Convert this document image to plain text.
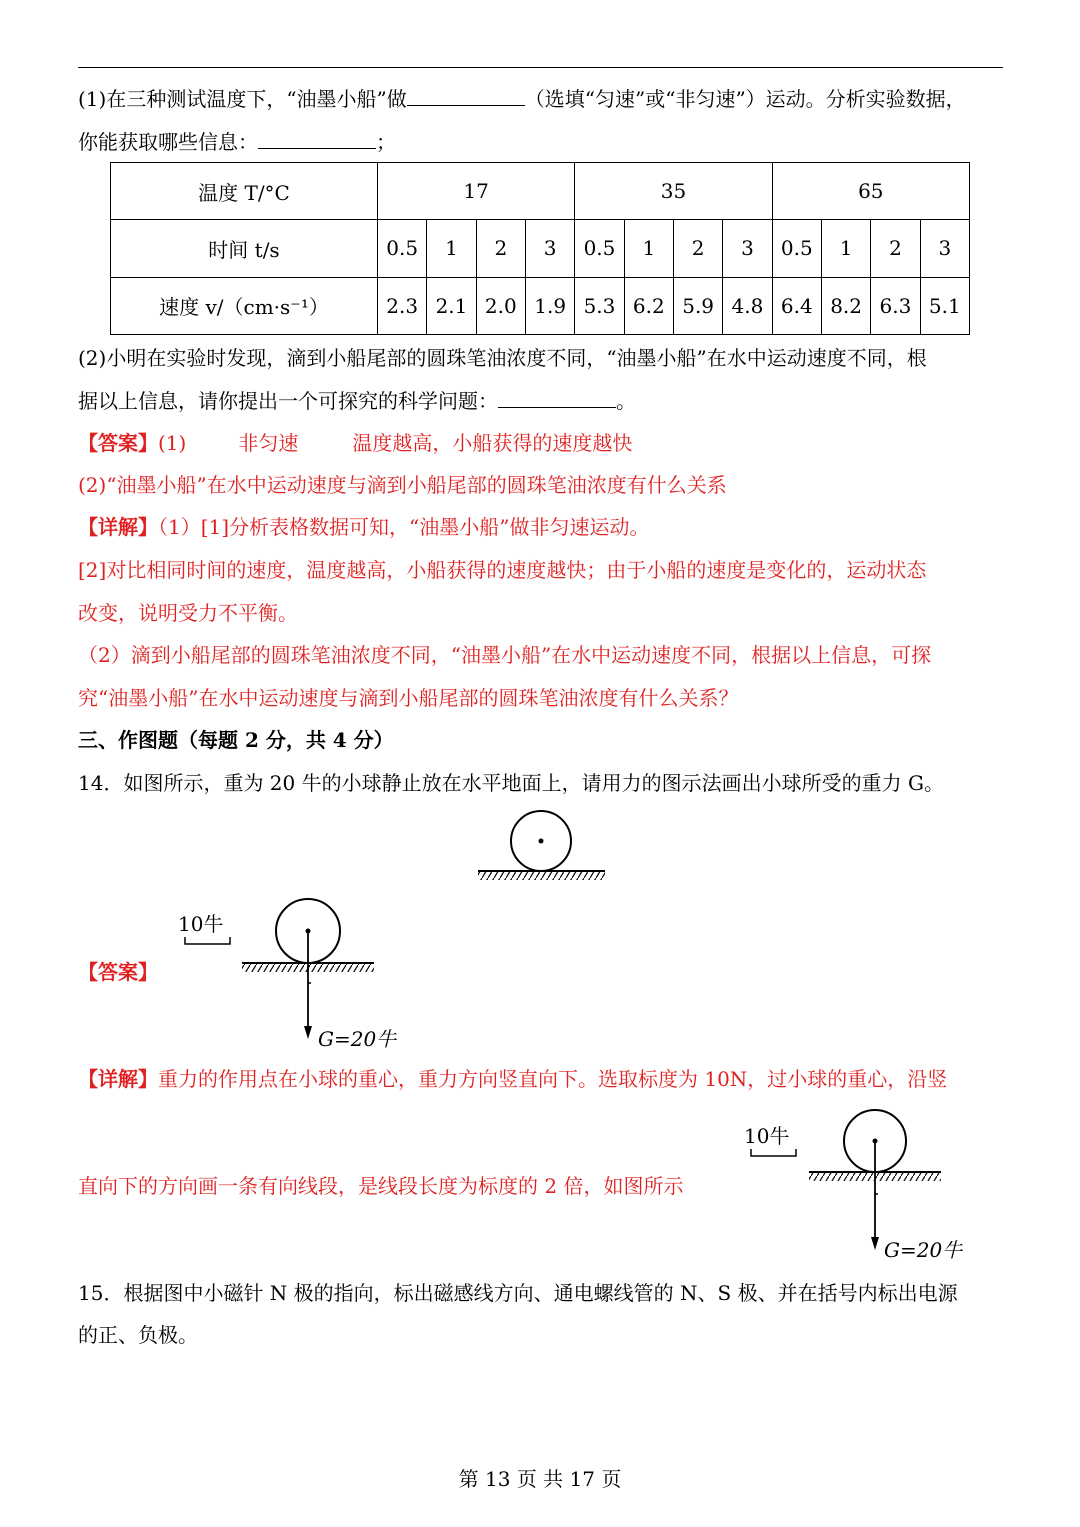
(1)在三种测试温度下，“油墨小船”做	（选填“匀速”或“非匀速”）运动。分析实验数据，
你能获取哪些信息：	；
温度 T/°C	17				35				65			
时间 t/s	0.5	1	2	3	0.5	1	2	3	0.5	1	2	3
速度 v/（cm·s⁻¹）	2.3	2.1	2.0	1.9	5.3	6.2	5.9	4.8	6.4	8.2	6.3	5.1
(2)小明在实验时发现，滴到小船尾部的圆珠笔油浓度不同，“油墨小船”在水中运动速度不同，根
据以上信息，请你提出一个可探究的科学问题：	。
【答案】(1)	非匀速	温度越高，小船获得的速度越快
(2)“油墨小船”在水中运动速度与滴到小船尾部的圆珠笔油浓度有什么关系
【详解】（1）[1]分析表格数据可知，“油墨小船”做非匀速运动。
[2]对比相同时间的速度，温度越高，小船获得的速度越快；由于小船的速度是变化的，运动状态
改变，说明受力不平衡。
（2）滴到小船尾部的圆珠笔油浓度不同，“油墨小船”在水中运动速度不同，根据以上信息，可探
究“油墨小船”在水中运动速度与滴到小船尾部的圆珠笔油浓度有什么关系？
三、作图题（每题 2 分，共 4 分）
14．如图所示，重为 20 牛的小球静止放在水平地面上，请用力的图示法画出小球所受的重力 G。
【答案】
10牛
G=20牛
【详解】重力的作用点在小球的重心，重力方向竖直向下。选取标度为 10N，过小球的重心，沿竖
直向下的方向画一条有向线段，是线段长度为标度的 2 倍，如图所示
10牛
G=20牛
15．根据图中小磁针 N 极的指向，标出磁感线方向、通电螺线管的 N、S 极、并在括号内标出电源
的正、负极。
第 13 页 共 17 页
